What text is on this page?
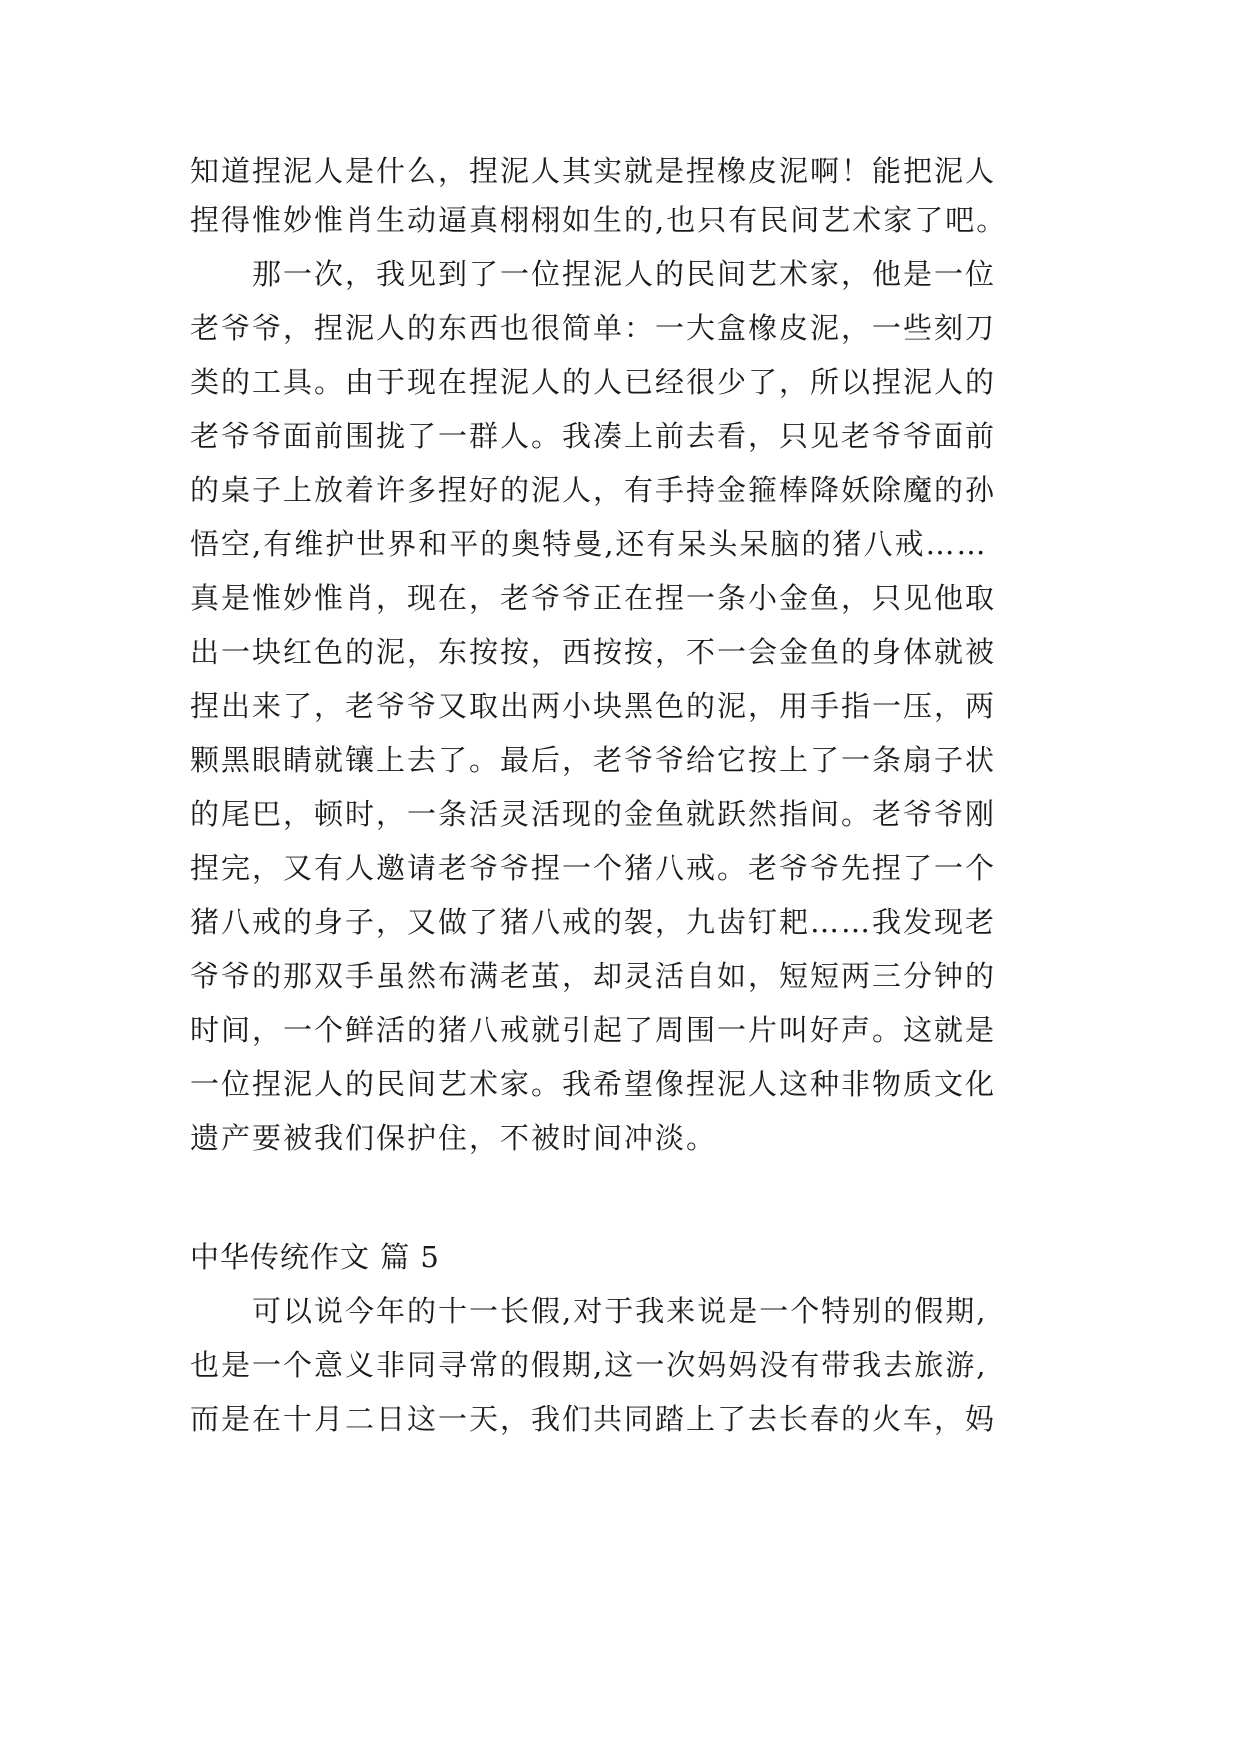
知道捏泥人是什么，捏泥人其实就是捏橡皮泥啊！能把泥人
捏得惟妙惟肖生动逼真栩栩如生的,也只有民间艺术家了吧。
那一次，我见到了一位捏泥人的民间艺术家，他是一位
老爷爷，捏泥人的东西也很简单：一大盒橡皮泥，一些刻刀
类的工具。由于现在捏泥人的人已经很少了，所以捏泥人的
老爷爷面前围拢了一群人。我凑上前去看，只见老爷爷面前
的桌子上放着许多捏好的泥人，有手持金箍棒降妖除魔的孙
悟空,有维护世界和平的奥特曼,还有呆头呆脑的猪八戒……
真是惟妙惟肖，现在，老爷爷正在捏一条小金鱼，只见他取
出一块红色的泥，东按按，西按按，不一会金鱼的身体就被
捏出来了，老爷爷又取出两小块黑色的泥，用手指一压，两
颗黑眼睛就镶上去了。最后，老爷爷给它按上了一条扇子状
的尾巴，顿时，一条活灵活现的金鱼就跃然指间。老爷爷刚
捏完，又有人邀请老爷爷捏一个猪八戒。老爷爷先捏了一个
猪八戒的身子，又做了猪八戒的袈，九齿钉耙……我发现老
爷爷的那双手虽然布满老茧，却灵活自如，短短两三分钟的
时间，一个鲜活的猪八戒就引起了周围一片叫好声。这就是
一位捏泥人的民间艺术家。我希望像捏泥人这种非物质文化
遗产要被我们保护住，不被时间冲淡。
中华传统作文 篇 5
可以说今年的十一长假,对于我来说是一个特别的假期,
也是一个意义非同寻常的假期,这一次妈妈没有带我去旅游,
而是在十月二日这一天，我们共同踏上了去长春的火车，妈
